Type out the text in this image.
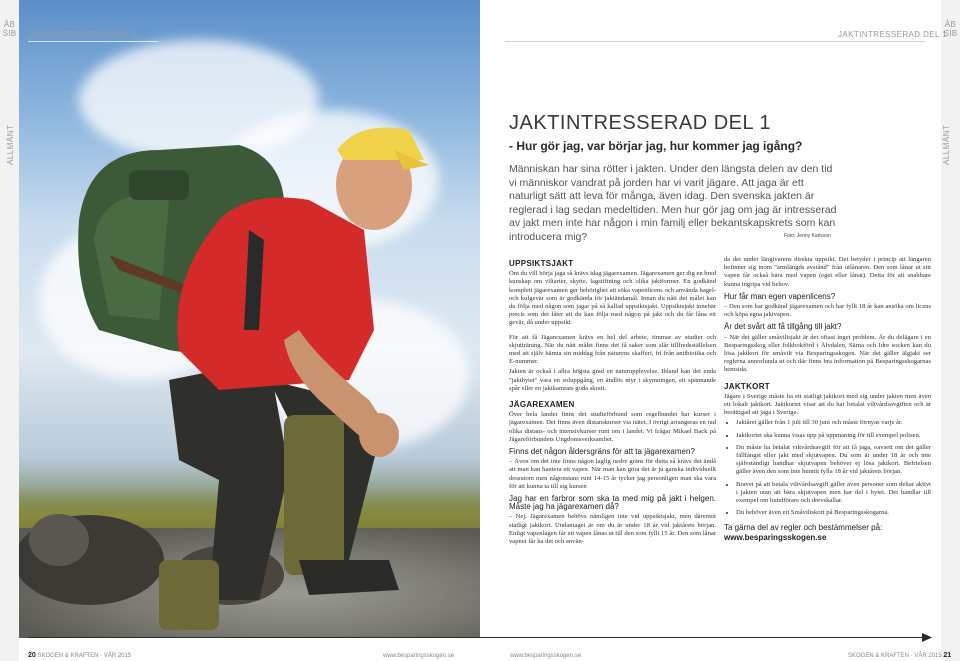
ÅB SIB	JAKTINTRESSERAD DEL 1
ALLMÄNT
ÅB SIB
JAKTINTRESSERAD DEL 1
ALLMÄNT
JAKTINTRESSERAD DEL 1
- Hur gör jag, var börjar jag, hur kommer jag igång?
Människan har sina rötter i jakten. Under den längsta delen av den tid vi människor vandrat på jorden har vi varit jägare. Att jaga är ett naturligt sätt att leva för många, även idag. Den svenska jakten är reglerad i lag sedan medeltiden. Men hur gör jag om jag är intresserad av jakt men inte har någon i min familj eller bekantskapskrets som kan introducera mig?	Foto: Jenny Karlsson
UPPSIKTSJAKT

Om du vill börja jaga så krävs idag jägarexamen. Jägarexamen ger dig en bred kunskap om viltarter, skytte, lagstiftning och olika jaktformer. En godkänd komplett jägarexamen ger behörighet att söka vapenlicens och använda hagel- och kulgevär som är godkända för jaktändamål. Innan du nått det målet kan du följa med någon som jagar på så kallad uppsiktsjakt. Uppsiktsjakt innebär precis som det låter att du kan följa med någon på jakt och du får låna ett gevär, då under uppsikt.

För att få Jägarexamen krävs en hel del arbete, timmar av studier och skjutträning. När du nått målet finns det få saker som slår tillfredsställelsen med att själv hämta sin middag från naturens skafferi, fri från antibiotika och E-nummer.

Jakten är också i allra högsta grad en naturupplevelse. Ibland kan det enda "jaktbytet" vara en soluppgång, en ändlös myr i skymningen, ett spännande spår eller en jaktkamrats goda skratt.

JÄGAREXAMEN

Över hela landet finns det studieförbund som regelbundet har kurser i jägarexamen. Det finns även distanskurser via nätet. I övrigt arrangeras en rad olika distans- och intensivkurser runt om i landet. Vi frågar Mikael Back på Jägareförbundets Ungdomsverksamhet.

Finns det någon åldersgräns för att ta jägarexamen?

– Även om det inte finns någon laglig nedre gräns för detta så krävs det ändå att man kan hantera ett vapen. När man kan göra det är ju ganska individuellt dessutom men någonstans runt 14-15 år tycker jag personligen man ska vara för att kunna ta till sig kursen

Jag har en farbror som ska ta med mig på jakt i helgen. Måste jag ha jägarexamen då?

– Nej. Jägarexamen behövs nämligen inte vid uppsiktsjakt, men däremot statligt jaktkort. Undantaget är om du är under 18 år vid jaktårets början. Enligt vapenlagen får ett vapen lånas ut till den som fyllt 15 år. Den som lånar vapnet får ha det och använ-

da det under längivarens direkta uppsikt. Det betyder i princip att längaren befinner sig inom "armlängds avstånd" från utlånaren. Den som lånar ut sitt vapen får också bära med vapen (eget eller lånat). Detta för att snabbare kunna ingripa vid behov.

Hur får man egen vapenlicens?

– Den som har godkänd jägarexamen och har fyllt 18 år kan ansöka om licens och köpa egna jaktvapen.

Är det svårt att få tillgång till jakt?

– När det gäller småviltsjakt är det oftast inget problem. Är du delägare i en Besparingsskog eller folkbokförd i Älvdalen, Särna och Idre socken kan du lösa jaktkort för småvilt via Besparingsskogen. När det gäller älgjakt ser reglerna annorlunda ut och där finns bra information på Besparingsskogarnas hemsida.

JAKTKORT

Jägare i Sverige måste ha ett statligt jaktkort med sig under jakten men även ett lokalt jaktkort. Jaktkortet visar att du har betalat viltvårdsavgiften och är berättigad att jaga i Sverige.

• Jaktåret gäller från 1 juli till 30 juni och måste förnyas varje år.
• Jaktkortet ska kunna visas upp på uppmaning för till exempel polisen.
• Du måste ha betalat viltvårdsavgift för att få jaga, oavsett om det gäller fällfångst eller jakt med skjutvapen. Du som är under 18 år och inte självständigt handhar skjutvapen behöver ej lösa jaktkort. Befrielsen gäller även den som inte hunnit fylla 18 år vid jaktårets början.
• Bravet på att betala viltvårdsavgift gäller även personer som deltar aktivt i jakten utan att bära skjutvapen men har del i bytet. Det handlar till exempel om hundförare och drevskallar.
• Du behöver även ett Småviltskort på Besparingsskogarna.
Ta gärna del av regler och bestämmelser på:
www.besparingsskogen.se
20 SKOGEN & KRAFTEN · VÅR 2015	www.besparingsskogen.se	www.besparingsskogen.se	SKOGEN & KRAFTEN · VÅR 2015 21
